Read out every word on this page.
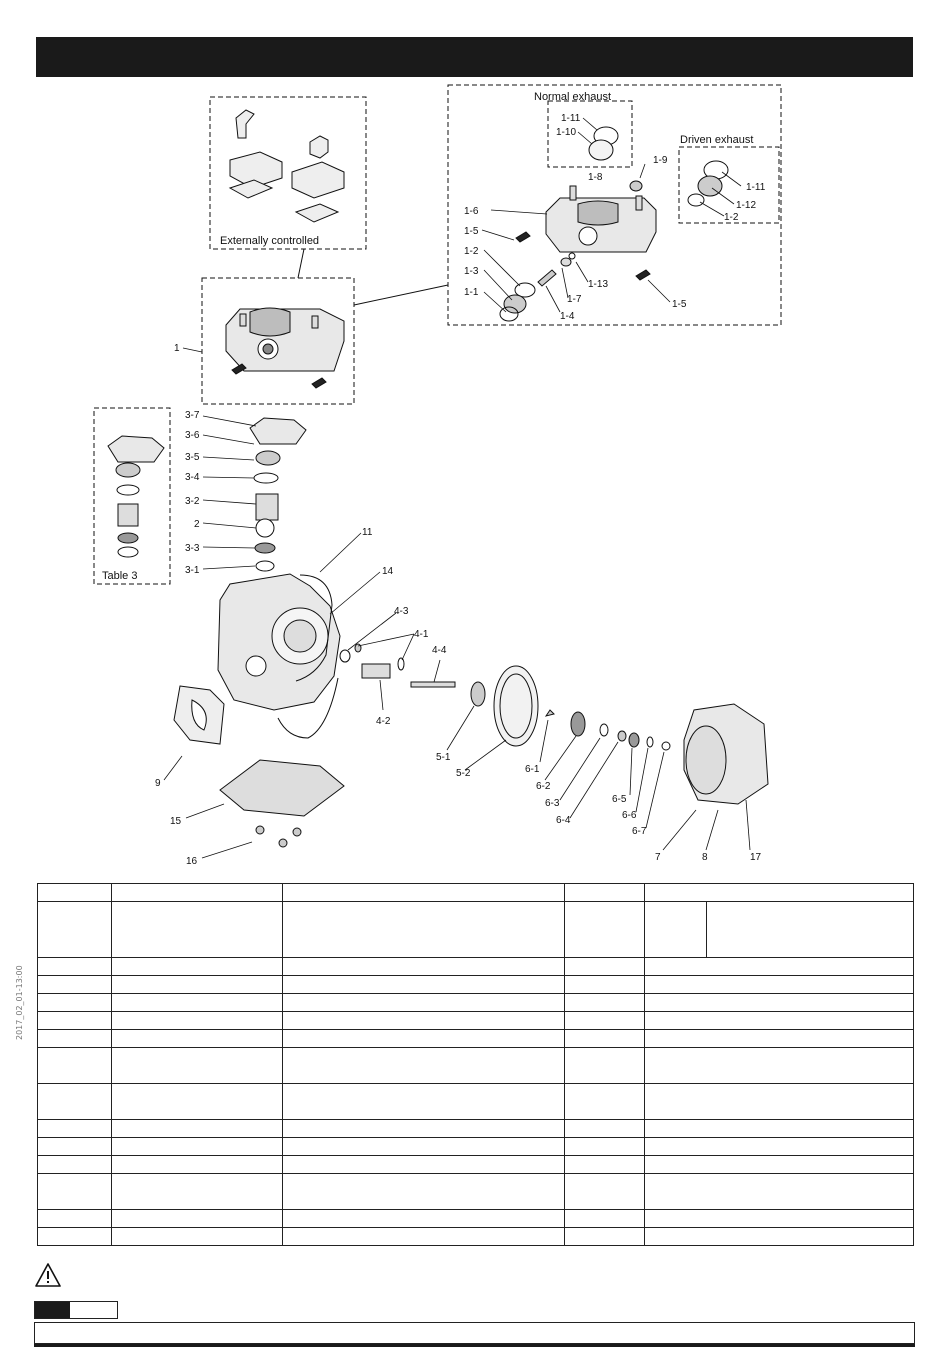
Externally controlled
Normal exhaust
Driven exhaust
Table 3
1
1-11
1-10
1-8
1-9
1-6
1-5
1-2
1-3
1-1
1-7
1-13
1-4
1-5
1-11
1-12
1-2
3-7
3-6
3-5
3-4
3-2
2
3-3
3-1
11
14
4-3
4-1
4-4
4-2
5-1
5-2	6-1
6-2
6-3
6-4
6-5
6-6
6-7
7	8	17
9
15
16
2017_02_01-13:00
